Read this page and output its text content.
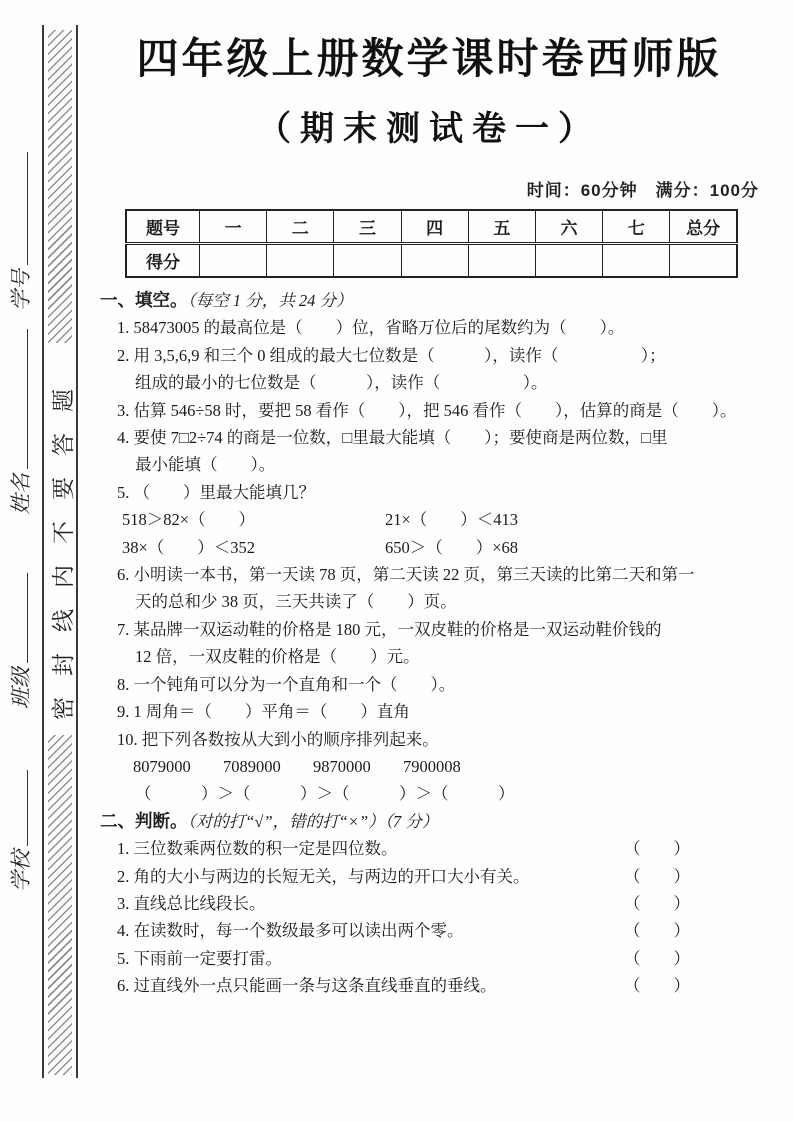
密封线内不要答题
学号
姓名
班级
学校
四年级上册数学课时卷西师版
（期末测试卷一）
时间：60分钟　满分：100分
题号	一	二	三	四	五	六	七	总分
得分								
一、填空。（每空 1 分，共 24 分）
1. 58473005 的最高位是（　　）位，省略万位后的尾数约为（　　）。
2. 用 3,5,6,9 和三个 0 组成的最大七位数是（　　　），读作（　　　　　）；
组成的最小的七位数是（　　　），读作（　　　　　）。
3. 估算 546÷58 时，要把 58 看作（　　），把 546 看作（　　），估算的商是（　　）。
4. 要使 7□2÷74 的商是一位数，□里最大能填（　　）；要使商是两位数，□里
最小能填（　　）。
5. （　　）里最大能填几？
518＞82×（　　）	21×（　　）＜413
38×（　　）＜352	650＞（　　）×68
6. 小明读一本书，第一天读 78 页，第二天读 22 页，第三天读的比第二天和第一
天的总和少 38 页，三天共读了（　　）页。
7. 某品牌一双运动鞋的价格是 180 元，一双皮鞋的价格是一双运动鞋价钱的
12 倍，一双皮鞋的价格是（　　）元。
8. 一个钝角可以分为一个直角和一个（　　）。
9. 1 周角＝（　　）平角＝（　　）直角
10. 把下列各数按从大到小的顺序排列起来。
8079000 7089000 9870000 7900008
（　　　）＞（　　　）＞（　　　）＞（　　　）
二、判断。（对的打“√”，错的打“×”）（7 分）
1. 三位数乘两位数的积一定是四位数。	（　　）
2. 角的大小与两边的长短无关，与两边的开口大小有关。	（　　）
3. 直线总比线段长。	（　　）
4. 在读数时，每一个数级最多可以读出两个零。	（　　）
5. 下雨前一定要打雷。	（　　）
6. 过直线外一点只能画一条与这条直线垂直的垂线。	（　　）
